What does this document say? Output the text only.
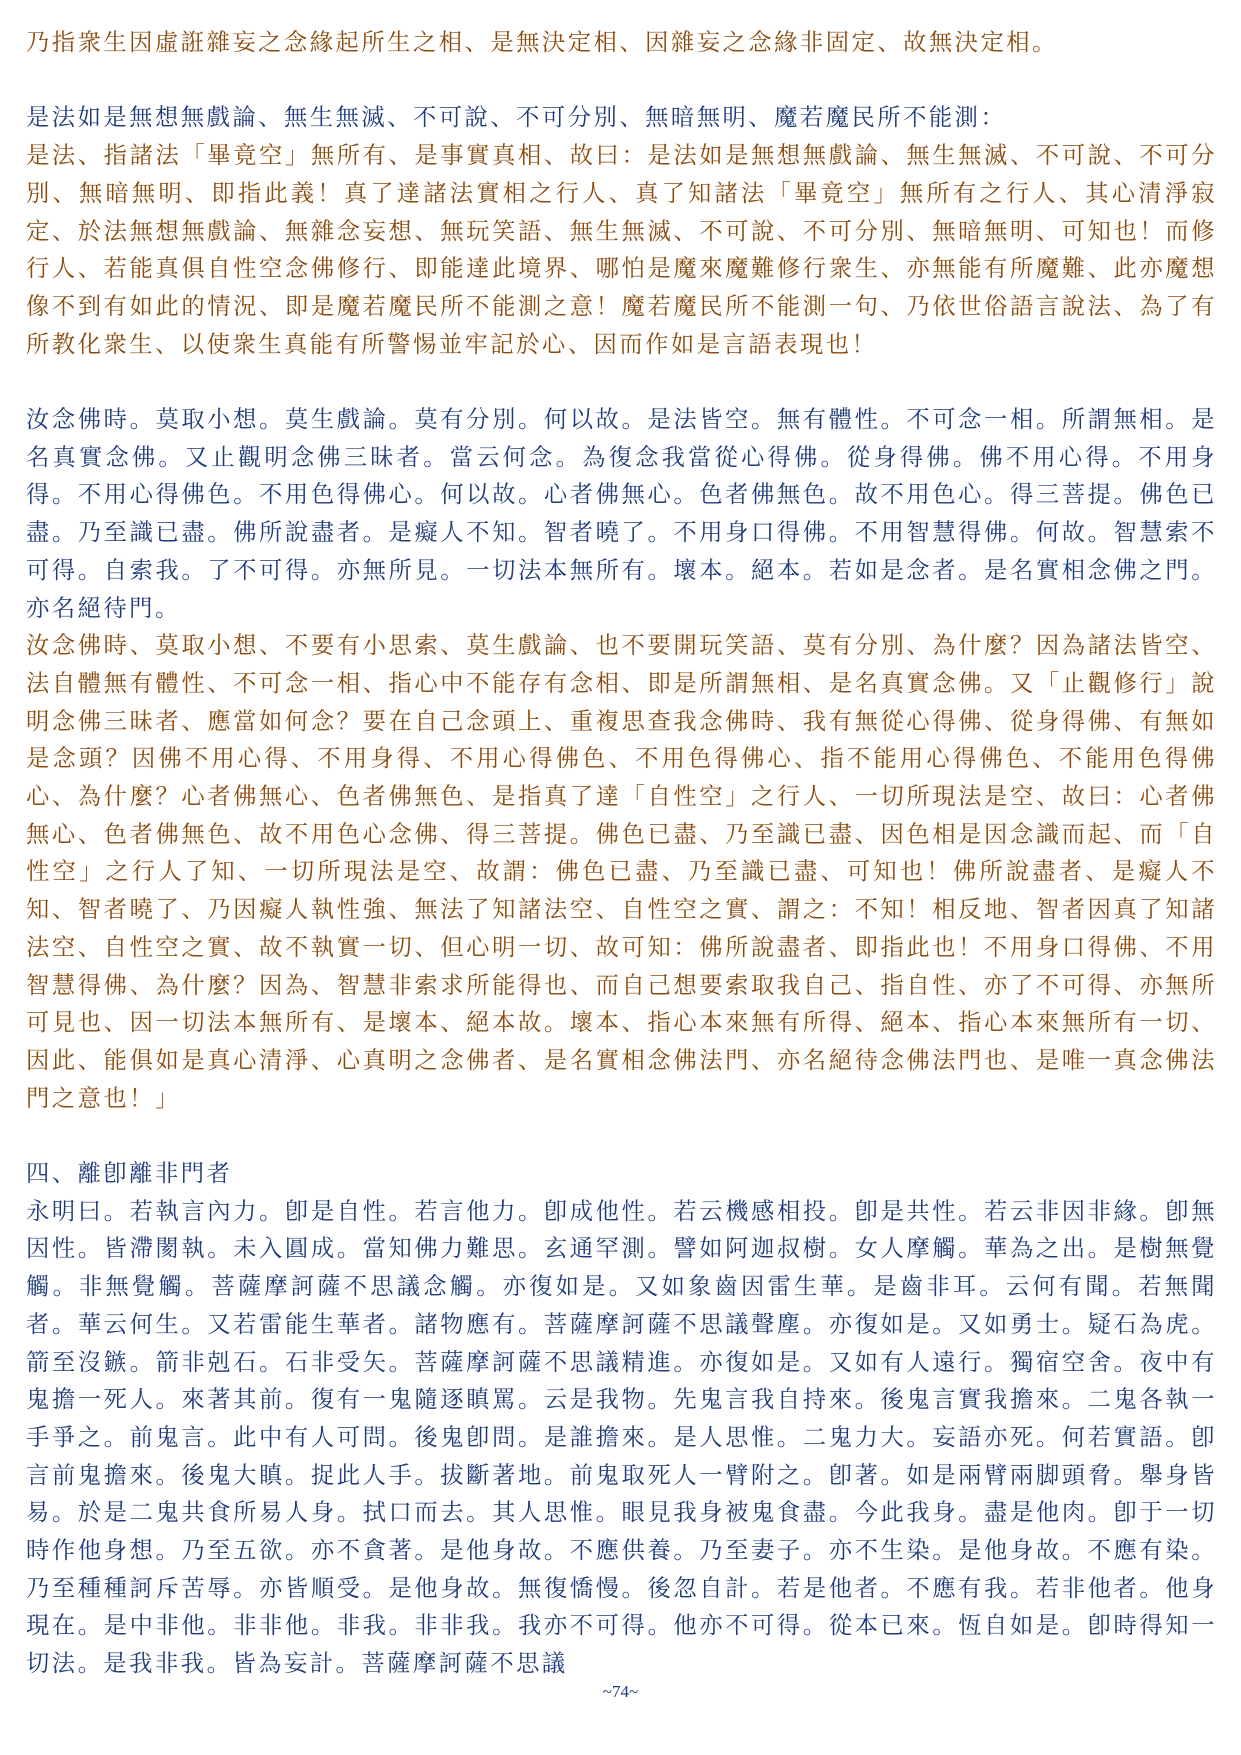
乃指衆生因虛誑雜妄之念緣起所生之相、是無決定相、因雜妄之念緣非固定、故無決定相。

是法如是無想無戲論、無生無滅、不可說、不可分別、無暗無明、魔若魔民所不能測：

是法、指諸法「畢竟空」無所有、是事實真相、故曰：是法如是無想無戲論、無生無滅、不可說、不可分別、無暗無明、即指此義！真了達諸法實相之行人、真了知諸法「畢竟空」無所有之行人、其心清淨寂定、於法無想無戲論、無雜念妄想、無玩笑語、無生無滅、不可說、不可分別、無暗無明、可知也！而修行人、若能真俱自性空念佛修行、即能達此境界、哪怕是魔來魔難修行衆生、亦無能有所魔難、此亦魔想像不到有如此的情況、即是魔若魔民所不能測之意！魔若魔民所不能測一句、乃依世俗語言說法、為了有所教化衆生、以使衆生真能有所警惕並牢記於心、因而作如是言語表現也！

汝念佛時。莫取小想。莫生戲論。莫有分別。何以故。是法皆空。無有體性。不可念一相。所謂無相。是名真實念佛。又止觀明念佛三昧者。當云何念。為復念我當從心得佛。從身得佛。佛不用心得。不用身得。不用心得佛色。不用色得佛心。何以故。心者佛無心。色者佛無色。故不用色心。得三菩提。佛色已盡。乃至識已盡。佛所說盡者。是癡人不知。智者曉了。不用身口得佛。不用智慧得佛。何故。智慧索不可得。自索我。了不可得。亦無所見。一切法本無所有。壞本。絕本。若如是念者。是名實相念佛之門。亦名絕待門。

汝念佛時、莫取小想、不要有小思索、莫生戲論、也不要開玩笑語、莫有分別、為什麼？因為諸法皆空、法自體無有體性、不可念一相、指心中不能存有念相、即是所謂無相、是名真實念佛。又「止觀修行」說明念佛三昧者、應當如何念？要在自己念頭上、重複思查我念佛時、我有無從心得佛、從身得佛、有無如是念頭？因佛不用心得、不用身得、不用心得佛色、不用色得佛心、指不能用心得佛色、不能用色得佛心、為什麼？心者佛無心、色者佛無色、是指真了達「自性空」之行人、一切所現法是空、故曰：心者佛無心、色者佛無色、故不用色心念佛、得三菩提。佛色已盡、乃至識已盡、因色相是因念識而起、而「自性空」之行人了知、一切所現法是空、故謂：佛色已盡、乃至識已盡、可知也！佛所說盡者、是癡人不知、智者曉了、乃因癡人執性強、無法了知諸法空、自性空之實、謂之：不知！相反地、智者因真了知諸法空、自性空之實、故不執實一切、但心明一切、故可知：佛所說盡者、即指此也！不用身口得佛、不用智慧得佛、為什麼？因為、智慧非索求所能得也、而自己想要索取我自己、指自性、亦了不可得、亦無所可見也、因一切法本無所有、是壞本、絕本故。壞本、指心本來無有所得、絕本、指心本來無所有一切、因此、能俱如是真心清淨、心真明之念佛者、是名實相念佛法門、亦名絕待念佛法門也、是唯一真念佛法門之意也！」

四、離卽離非門者

永明曰。若執言內力。卽是自性。若言他力。卽成他性。若云機感相投。卽是共性。若云非因非緣。卽無因性。皆滯閡執。未入圓成。當知佛力難思。玄通罕測。譬如阿迦叔樹。女人摩觸。華為之出。是樹無覺觸。非無覺觸。菩薩摩訶薩不思議念觸。亦復如是。又如象齒因雷生華。是齒非耳。云何有聞。若無聞者。華云何生。又若雷能生華者。諸物應有。菩薩摩訶薩不思議聲塵。亦復如是。又如勇士。疑石為虎。箭至沒鏃。箭非剋石。石非受矢。菩薩摩訶薩不思議精進。亦復如是。又如有人遠行。獨宿空舍。夜中有鬼擔一死人。來著其前。復有一鬼隨逐瞋罵。云是我物。先鬼言我自持來。後鬼言實我擔來。二鬼各執一手爭之。前鬼言。此中有人可問。後鬼卽問。是誰擔來。是人思惟。二鬼力大。妄語亦死。何若實語。卽言前鬼擔來。後鬼大瞋。捉此人手。拔斷著地。前鬼取死人一臂附之。卽著。如是兩臂兩脚頭脅。舉身皆易。於是二鬼共食所易人身。拭口而去。其人思惟。眼見我身被鬼食盡。今此我身。盡是他肉。卽于一切時作他身想。乃至五欲。亦不貪著。是他身故。不應供養。乃至妻子。亦不生染。是他身故。不應有染。乃至種種訶斥苦辱。亦皆順受。是他身故。無復憍慢。後忽自計。若是他者。不應有我。若非他者。他身現在。是中非他。非非他。非我。非非我。我亦不可得。他亦不可得。從本已來。恆自如是。卽時得知一切法。是我非我。皆為妄計。菩薩摩訶薩不思議

~74~
